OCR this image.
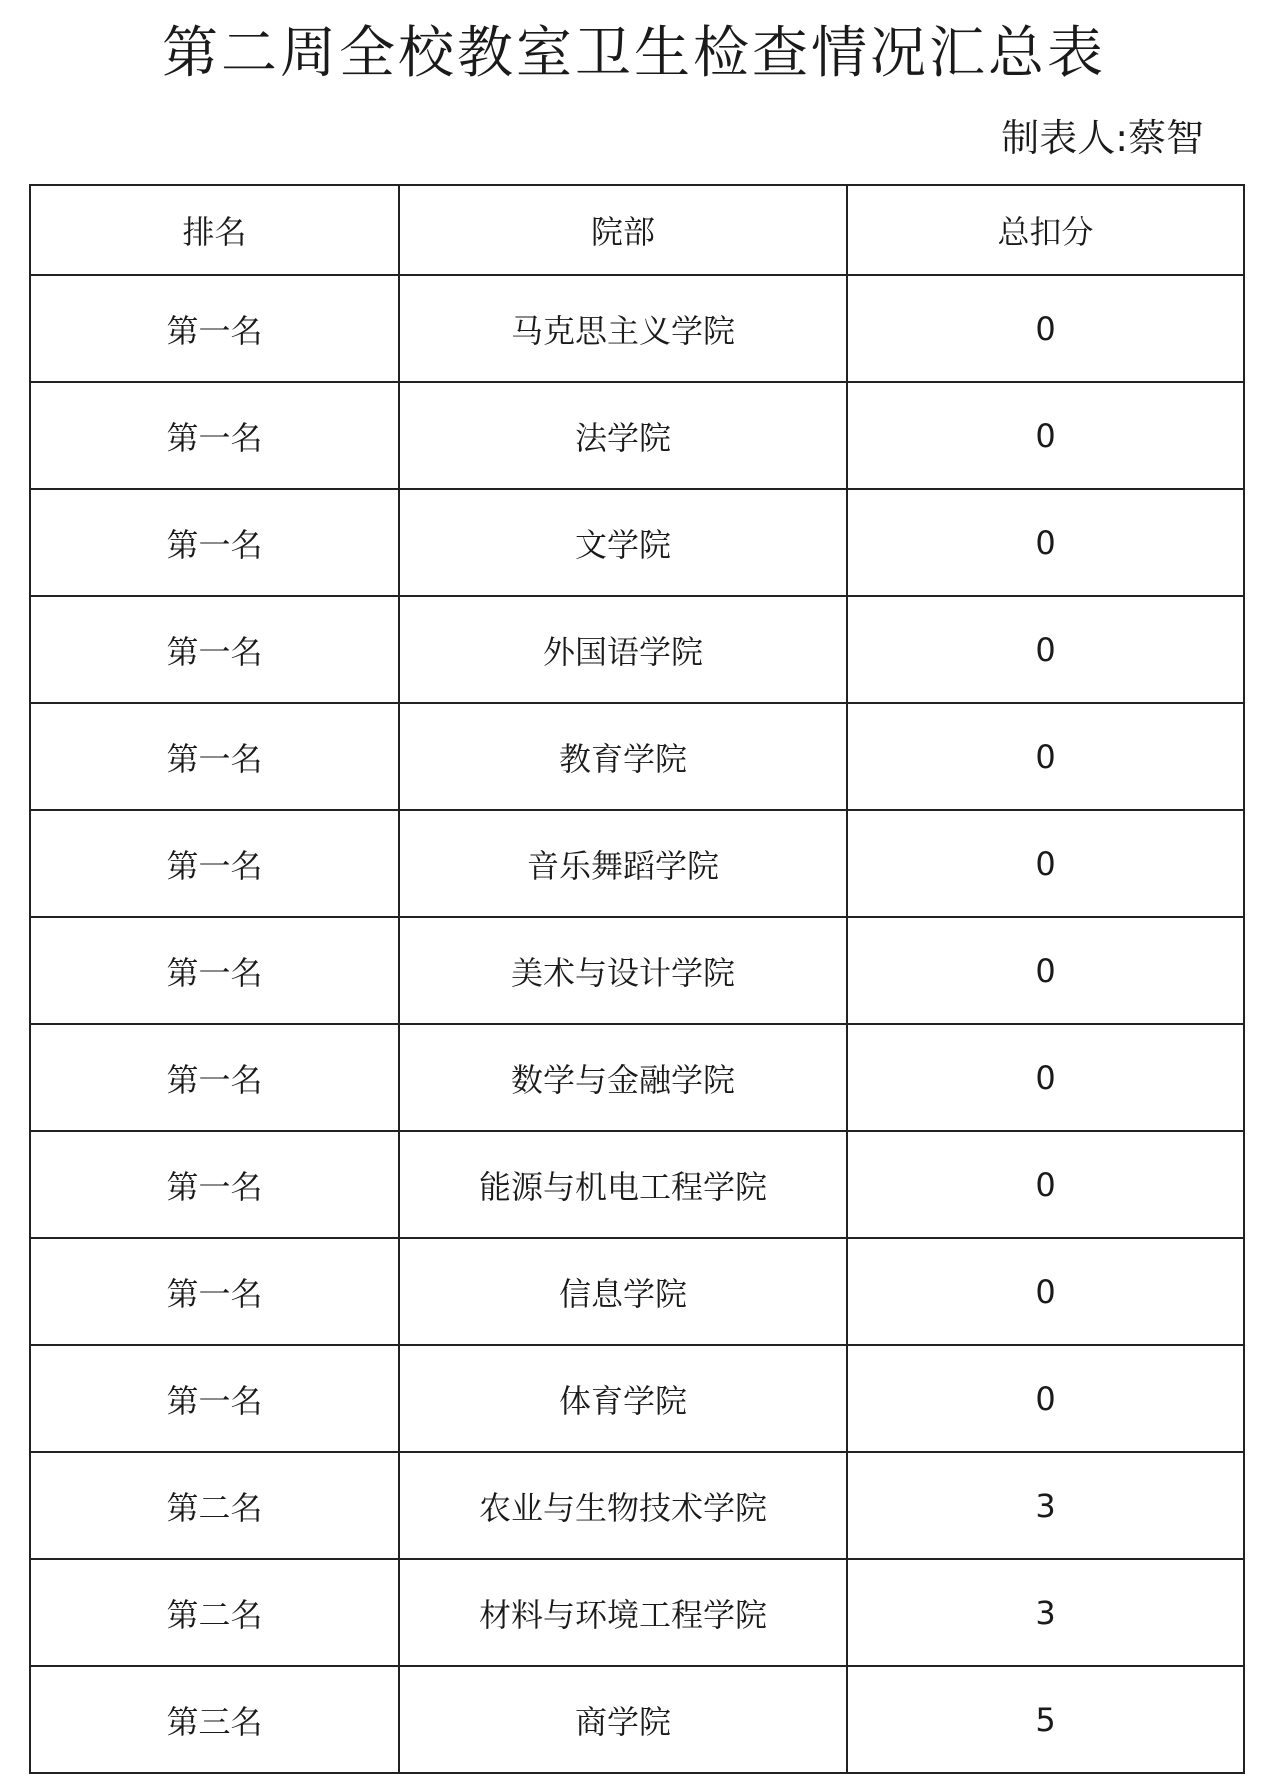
第二周全校教室卫生检查情况汇总表
制表人:蔡智
排名	院部	总扣分
第一名	马克思主义学院	0
第一名	法学院	0
第一名	文学院	0
第一名	外国语学院	0
第一名	教育学院	0
第一名	音乐舞蹈学院	0
第一名	美术与设计学院	0
第一名	数学与金融学院	0
第一名	能源与机电工程学院	0
第一名	信息学院	0
第一名	体育学院	0
第二名	农业与生物技术学院	3
第二名	材料与环境工程学院	3
第三名	商学院	5
